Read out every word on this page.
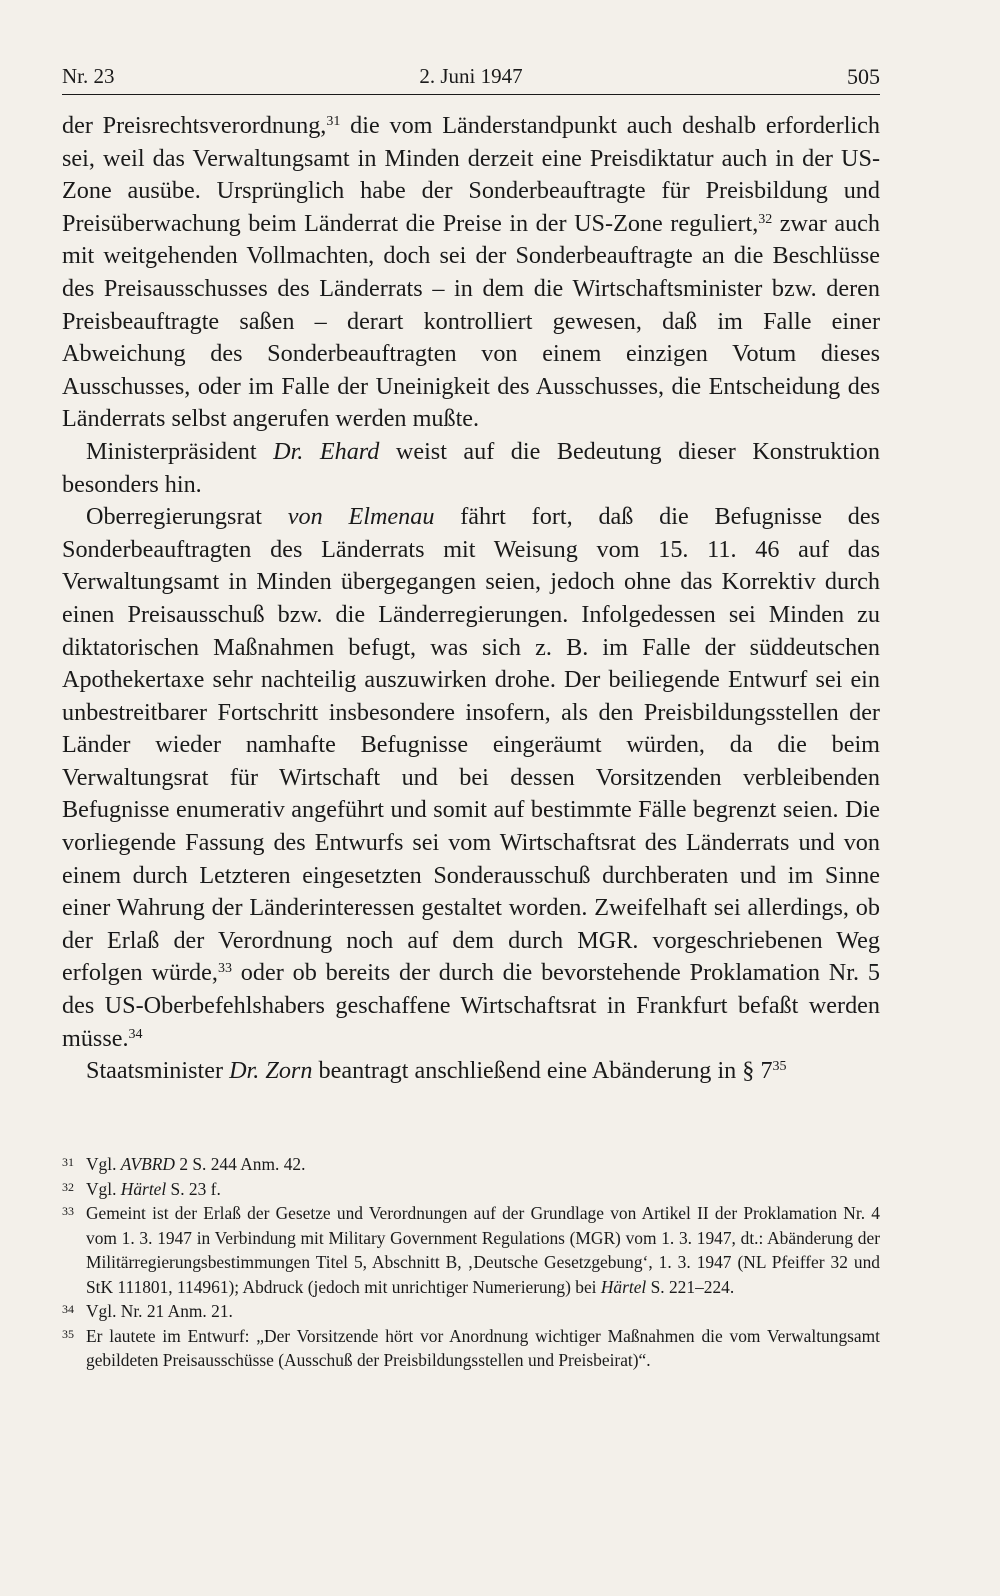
Nr. 23	2. Juni 1947	505

der Preisrechtsverordnung,$^{31}$ die vom Länderstandpunkt auch deshalb erforderlich sei, weil das Verwaltungsamt in Minden derzeit eine Preisdiktatur auch in der US-Zone ausübe. Ursprünglich habe der Sonderbeauftragte für Preisbildung und Preisüberwachung beim Länderrat die Preise in der US-Zone reguliert,$^{32}$ zwar auch mit weitgehenden Vollmachten, doch sei der Sonderbeauftragte an die Beschlüsse des Preisausschusses des Länderrats – in dem die Wirtschaftsminister bzw. deren Preisbeauftragte saßen – derart kontrolliert gewesen, daß im Falle einer Abweichung des Sonderbeauftragten von einem einzigen Votum dieses Ausschusses, oder im Falle der Uneinigkeit des Ausschusses, die Entscheidung des Länderrats selbst angerufen werden mußte.

Ministerpräsident Dr. Ehard weist auf die Bedeutung dieser Konstruktion besonders hin.

Oberregierungsrat von Elmenau fährt fort, daß die Befugnisse des Sonderbeauftragten des Länderrats mit Weisung vom 15. 11. 46 auf das Verwaltungsamt in Minden übergegangen seien, jedoch ohne das Korrektiv durch einen Preisausschuß bzw. die Länderregierungen. Infolgedessen sei Minden zu diktatorischen Maßnahmen befugt, was sich z. B. im Falle der süddeutschen Apothekertaxe sehr nachteilig auszuwirken drohe. Der beiliegende Entwurf sei ein unbestreitbarer Fortschritt insbesondere insofern, als den Preisbildungsstellen der Länder wieder namhafte Befugnisse eingeräumt würden, da die beim Verwaltungsrat für Wirtschaft und bei dessen Vorsitzenden verbleibenden Befugnisse enumerativ angeführt und somit auf bestimmte Fälle begrenzt seien. Die vorliegende Fassung des Entwurfs sei vom Wirtschaftsrat des Länderrats und von einem durch Letzteren eingesetzten Sonderausschuß durchberaten und im Sinne einer Wahrung der Länderinteressen gestaltet worden. Zweifelhaft sei allerdings, ob der Erlaß der Verordnung noch auf dem durch MGR. vorgeschriebenen Weg erfolgen würde,$^{33}$ oder ob bereits der durch die bevorstehende Proklamation Nr. 5 des US-Oberbefehlshabers geschaffene Wirtschaftsrat in Frankfurt befaßt werden müsse.$^{34}$

Staatsminister Dr. Zorn beantragt anschließend eine Abänderung in § $7^{35}$

31 Vgl. AVBRD 2 S. 244 Anm. 42.
32 Vgl. Härtel S. 23 f.
33 Gemeint ist der Erlaß der Gesetze und Verordnungen auf der Grundlage von Artikel II der Proklamation Nr. 4 vom 1. 3. 1947 in Verbindung mit Military Government Regulations (MGR) vom 1. 3. 1947, dt.: Abänderung der Militärregierungsbestimmungen Titel 5, Abschnitt B, ‚Deutsche Gesetzgebung‘, 1. 3. 1947 (NL Pfeiffer 32 und StK 111801, 114961); Abdruck (jedoch mit unrichtiger Numerierung) bei Härtel S. 221–224.
34 Vgl. Nr. 21 Anm. 21.
35 Er lautete im Entwurf: „Der Vorsitzende hört vor Anordnung wichtiger Maßnahmen die vom Verwaltungsamt gebildeten Preisausschüsse (Ausschuß der Preisbildungsstellen und Preisbeirat)“.
